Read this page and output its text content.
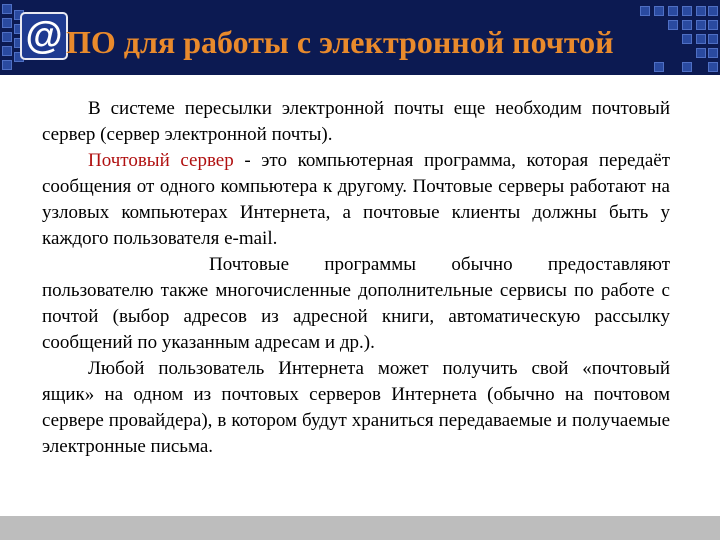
@ ПО для работы с электронной почтой

В системе пересылки электронной почты еще необходим почтовый сервер (сервер электронной почты).

Почтовый сервер - это компьютерная программа, которая передаёт сообщения от одного компьютера к другому. Почтовые серверы работают на узловых компьютерах Интернета, а почтовые клиенты должны быть у каждого пользователя e-mail.

Почтовые программы обычно предоставляют пользователю также многочисленные дополнительные сервисы по работе с почтой (выбор адресов из адресной книги, автоматическую рассылку сообщений по указанным адресам и др.).

Любой пользователь Интернета может получить свой «почтовый ящик» на одном из почтовых серверов Интернета (обычно на почтовом сервере провайдера), в котором будут храниться передаваемые и получаемые электронные письма.
